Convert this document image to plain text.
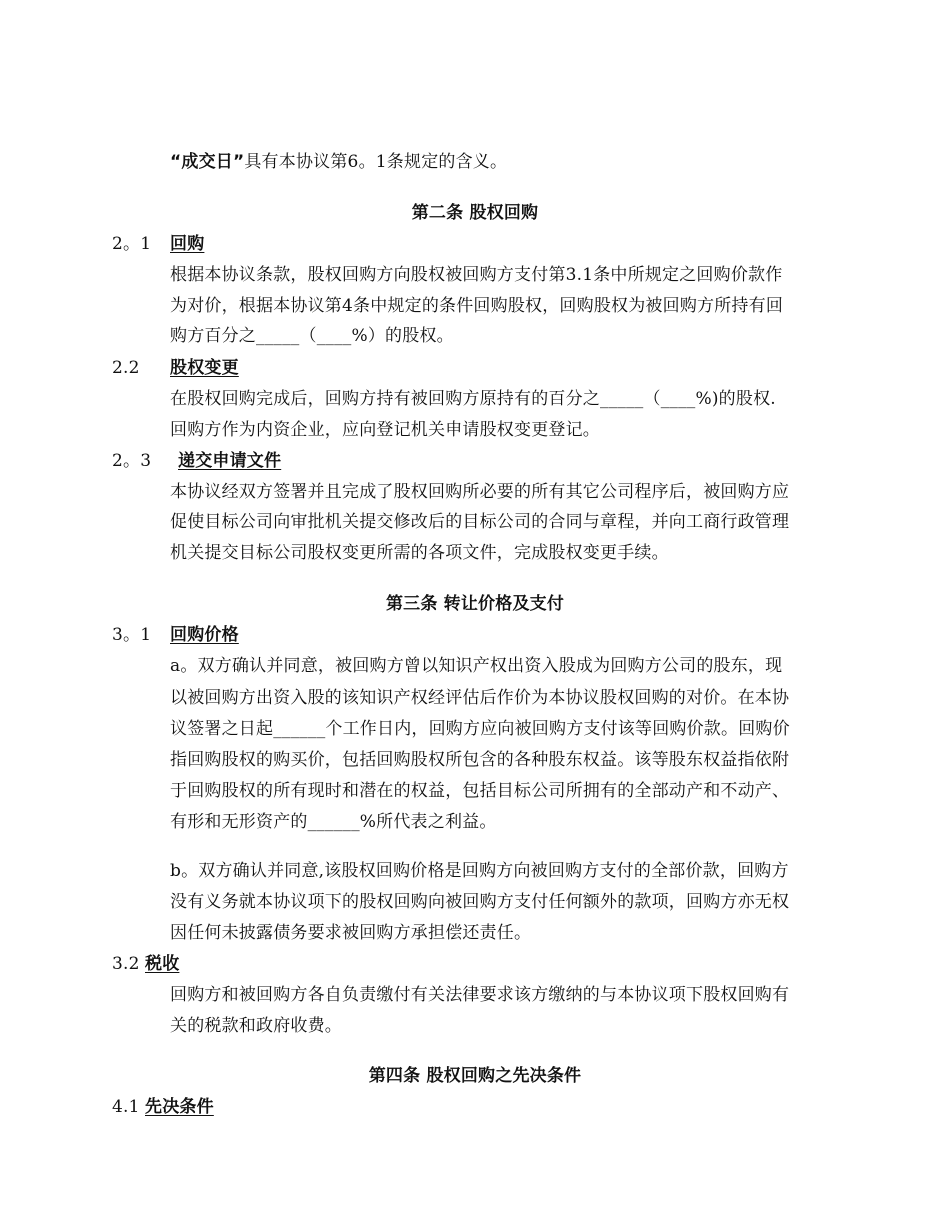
“成交日”具有本协议第6。1条规定的含义。
第二条 股权回购
2。1 回购
根据本协议条款，股权回购方向股权被回购方支付第3.1条中所规定之回购价款作
为对价，根据本协议第4条中规定的条件回购股权，回购股权为被回购方所持有回
购方百分之_____（____%）的股权。
2.2 股权变更
在股权回购完成后，回购方持有被回购方原持有的百分之_____（____%)的股权.
回购方作为内资企业，应向登记机关申请股权变更登记。
2。3 递交申请文件
本协议经双方签署并且完成了股权回购所必要的所有其它公司程序后，被回购方应
促使目标公司向审批机关提交修改后的目标公司的合同与章程，并向工商行政管理
机关提交目标公司股权变更所需的各项文件，完成股权变更手续。
第三条 转让价格及支付
3。1 回购价格
a。双方确认并同意，被回购方曾以知识产权出资入股成为回购方公司的股东，现
以被回购方出资入股的该知识产权经评估后作价为本协议股权回购的对价。在本协
议签署之日起______个工作日内，回购方应向被回购方支付该等回购价款。回购价
指回购股权的购买价，包括回购股权所包含的各种股东权益。该等股东权益指依附
于回购股权的所有现时和潜在的权益，包括目标公司所拥有的全部动产和不动产、
有形和无形资产的______%所代表之利益。
b。双方确认并同意,该股权回购价格是回购方向被回购方支付的全部价款，回购方
没有义务就本协议项下的股权回购向被回购方支付任何额外的款项，回购方亦无权
因任何未披露债务要求被回购方承担偿还责任。
3.2 税收
回购方和被回购方各自负责缴付有关法律要求该方缴纳的与本协议项下股权回购有
关的税款和政府收费。
第四条 股权回购之先决条件
4.1 先决条件
